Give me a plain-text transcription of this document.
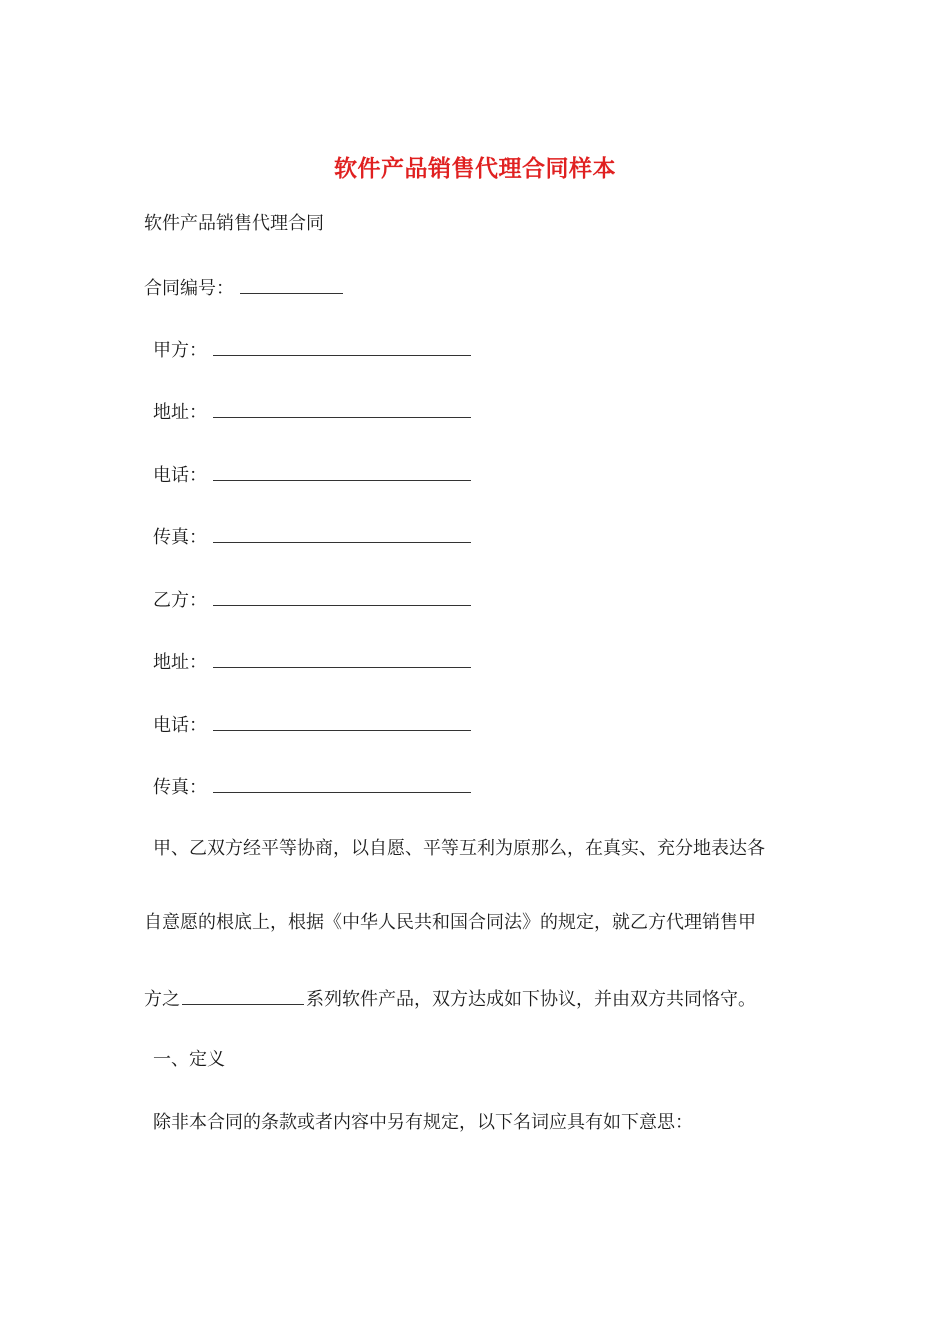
软件产品销售代理合同样本
软件产品销售代理合同
合同编号：
甲方：
地址：
电话：
传真：
乙方：
地址：
电话：
传真：
甲、乙双方经平等协商，以自愿、平等互利为原那么，在真实、充分地表达各
自意愿的根底上，根据《中华人民共和国合同法》的规定，就乙方代理销售甲
方之	系列软件产品，双方达成如下协议，并由双方共同恪守。
一、定义
除非本合同的条款或者内容中另有规定，以下名词应具有如下意思：
